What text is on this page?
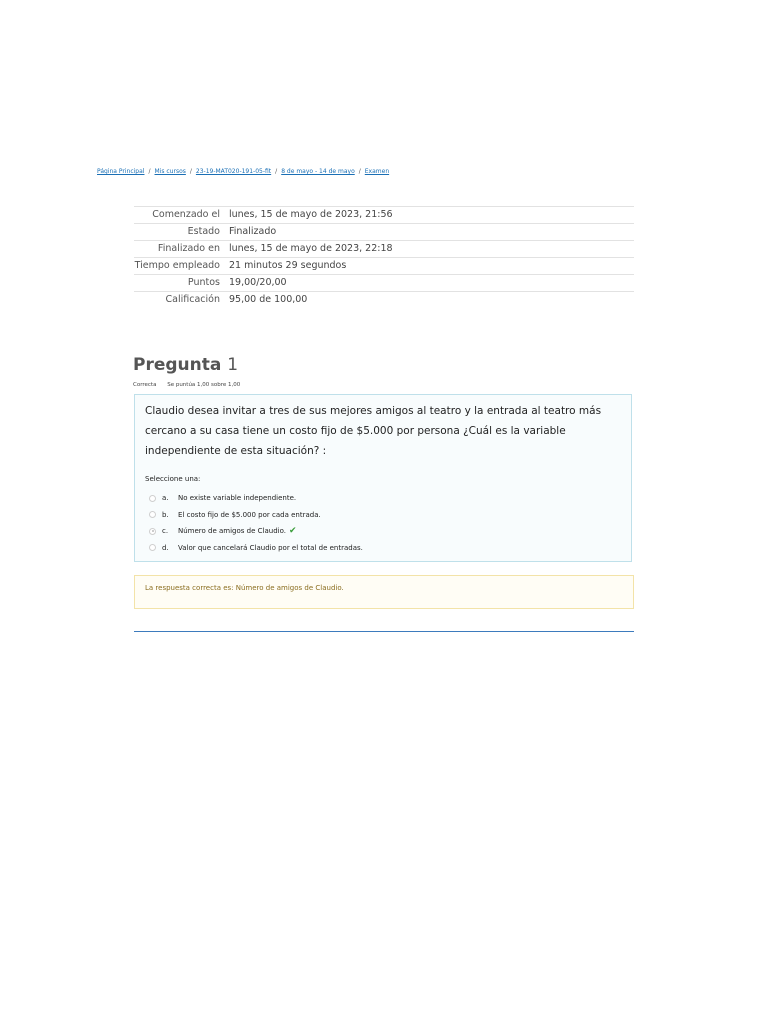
Página Principal / Mis cursos / 23-19-MAT020-191-05-fit / 8 de mayo - 14 de mayo / Examen
Comenzado el	lunes, 15 de mayo de 2023, 21:56
Estado	Finalizado
Finalizado en	lunes, 15 de mayo de 2023, 22:18
Tiempo empleado	21 minutos 29 segundos
Puntos	19,00/20,00
Calificación	95,00 de 100,00
Pregunta 1
Correcta Se puntúa 1,00 sobre 1,00
Claudio desea invitar a tres de sus mejores amigos al teatro y la entrada al teatro más cercano a su casa tiene un costo fijo de $5.000 por persona ¿Cuál es la variable independiente de esta situación? :
Seleccione una:
a.	No existe variable independiente.
b.	El costo fijo de $5.000 por cada entrada.
c.	Número de amigos de Claudio. ✔
d.	Valor que cancelará Claudio por el total de entradas.
La respuesta correcta es: Número de amigos de Claudio.
